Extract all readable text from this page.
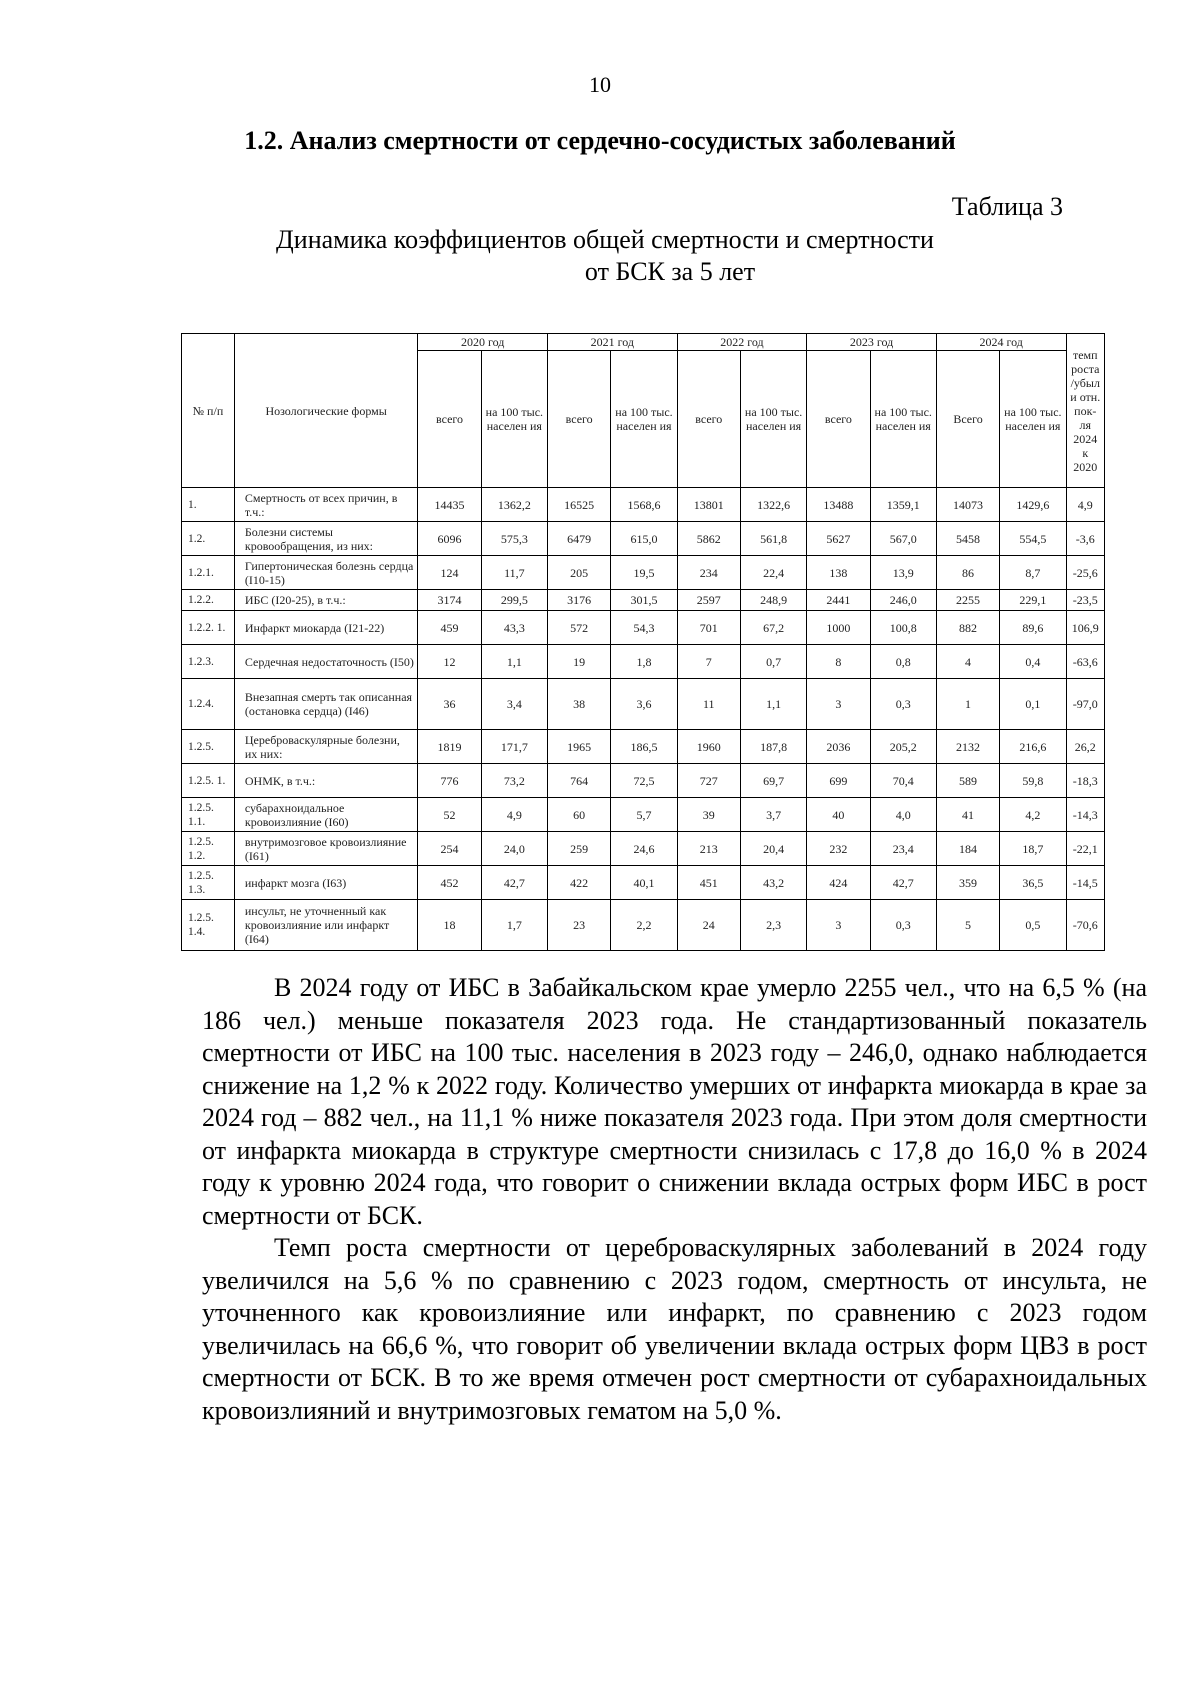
10

1.2. Анализ смертности от сердечно-сосудистых заболеваний

Таблица 3

Динамика коэффициентов общей смертности и смертности
от БСК за 5 лет

№ п/п	Нозологические формы	2020 год		2021 год		2022 год		2023 год		2024 год		темп роста /убыл и отн. пок- ля 2024 к 2020
		всего	на 100 тыс. населен ия	всего	на 100 тыс. населен ия	всего	на 100 тыс. населен ия	всего	на 100 тыс. населен ия	Всего	на 100 тыс. населен ия	
1.	Смертность от всех причин, в т.ч.:	14435	1362,2	16525	1568,6	13801	1322,6	13488	1359,1	14073	1429,6	4,9
1.2.	Болезни системы кровообращения, из них:	6096	575,3	6479	615,0	5862	561,8	5627	567,0	5458	554,5	-3,6
1.2.1.	Гипертоническая болезнь сердца (I10-15)	124	11,7	205	19,5	234	22,4	138	13,9	86	8,7	-25,6
1.2.2.	ИБС (I20-25), в т.ч.:	3174	299,5	3176	301,5	2597	248,9	2441	246,0	2255	229,1	-23,5
1.2.2. 1.	Инфаркт миокарда (I21-22)	459	43,3	572	54,3	701	67,2	1000	100,8	882	89,6	106,9
1.2.3.	Сердечная недостаточность (I50)	12	1,1	19	1,8	7	0,7	8	0,8	4	0,4	-63,6
1.2.4.	Внезапная смерть так описанная (остановка сердца) (I46)	36	3,4	38	3,6	11	1,1	3	0,3	1	0,1	-97,0
1.2.5.	Цереброваскулярные болезни, их них:	1819	171,7	1965	186,5	1960	187,8	2036	205,2	2132	216,6	26,2
1.2.5. 1.	ОНМК, в т.ч.:	776	73,2	764	72,5	727	69,7	699	70,4	589	59,8	-18,3
1.2.5. 1.1.	субарахноидальное кровоизлияние (I60)	52	4,9	60	5,7	39	3,7	40	4,0	41	4,2	-14,3
1.2.5. 1.2.	внутримозговое кровоизлияние (I61)	254	24,0	259	24,6	213	20,4	232	23,4	184	18,7	-22,1
1.2.5. 1.3.	инфаркт мозга (I63)	452	42,7	422	40,1	451	43,2	424	42,7	359	36,5	-14,5
1.2.5. 1.4.	инсульт, не уточненный как кровоизлияние или инфаркт (I64)	18	1,7	23	2,2	24	2,3	3	0,3	5	0,5	-70,6

В 2024 году от ИБС в Забайкальском крае умерло 2255 чел., что на 6,5 % (на 186 чел.) меньше показателя 2023 года. Не стандартизованный показатель смертности от ИБС на 100 тыс. населения в 2023 году – 246,0, однако наблюдается снижение на 1,2 % к 2022 году. Количество умерших от инфаркта миокарда в крае за 2024 год – 882 чел., на 11,1 % ниже показателя 2023 года. При этом доля смертности от инфаркта миокарда в структуре смертности снизилась с 17,8 до 16,0 % в 2024 году к уровню 2024 года, что говорит о снижении вклада острых форм ИБС в рост смертности от БСК.

Темп роста смертности от цереброваскулярных заболеваний в 2024 году увеличился на 5,6 % по сравнению с 2023 годом, смертность от инсульта, не уточненного как кровоизлияние или инфаркт, по сравнению с 2023 годом увеличилась на 66,6 %, что говорит об увеличении вклада острых форм ЦВЗ в рост смертности от БСК. В то же время отмечен рост смертности от субарахноидальных кровоизлияний и внутримозговых гематом на 5,0 %.
